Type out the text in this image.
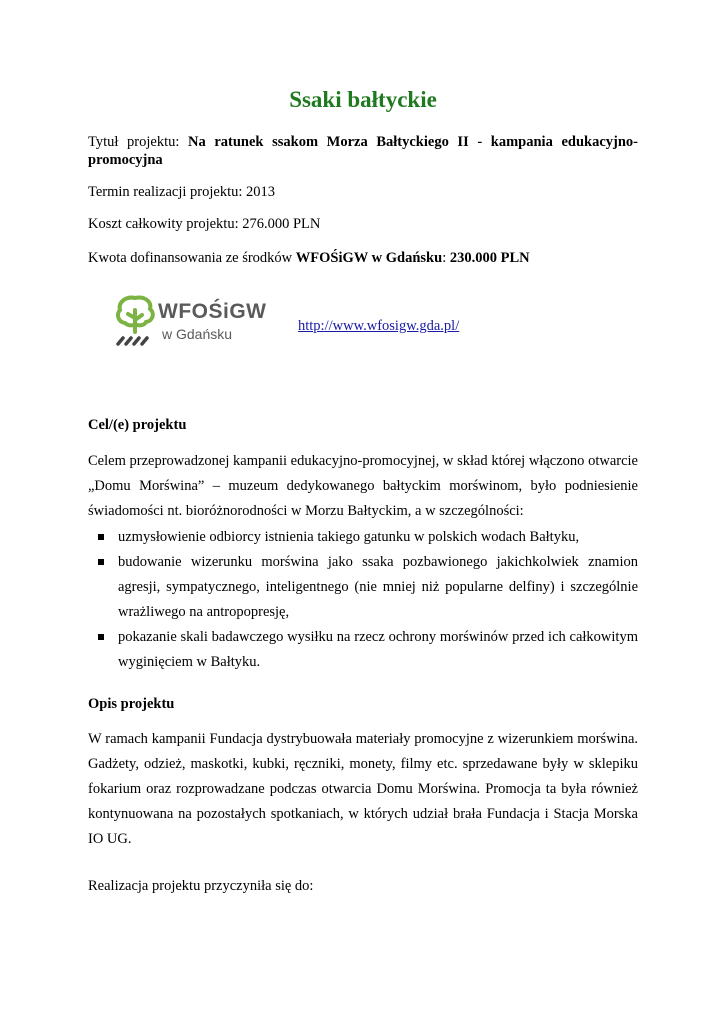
Ssaki bałtyckie

Tytuł projektu: Na ratunek ssakom Morza Bałtyckiego II - kampania edukacyjno-

promocyjna

Termin realizacji projektu: 2013

Koszt całkowity projektu: 276.000 PLN

Kwota dofinansowania ze środków WFOŚiGW w Gdańsku: 230.000 PLN

WFOŚiGW
w Gdańsku	http://www.wfosigw.gda.pl/

Cel/(e) projektu

Celem przeprowadzonej kampanii edukacyjno-promocyjnej, w skład której włączono otwarcie „Domu Morświna” – muzeum dedykowanego bałtyckim morświnom, było podniesienie świadomości nt. bioróżnorodności w Morzu Bałtyckim, a w szczególności:

uzmysłowienie odbiorcy istnienia takiego gatunku w polskich wodach Bałtyku,
budowanie wizerunku morświna jako ssaka pozbawionego jakichkolwiek znamion agresji, sympatycznego, inteligentnego (nie mniej niż popularne delfiny) i szczególnie wrażliwego na antropopresję,
pokazanie skali badawczego wysiłku na rzecz ochrony morświnów przed ich całkowitym wyginięciem w Bałtyku.

Opis projektu

W ramach kampanii Fundacja dystrybuowała materiały promocyjne z wizerunkiem morświna. Gadżety, odzież, maskotki, kubki, ręczniki, monety, filmy etc. sprzedawane były w sklepiku fokarium oraz rozprowadzane podczas otwarcia Domu Morświna. Promocja ta była również kontynuowana na pozostałych spotkaniach, w których udział brała Fundacja i Stacja Morska IO UG.

Realizacja projektu przyczyniła się do:
